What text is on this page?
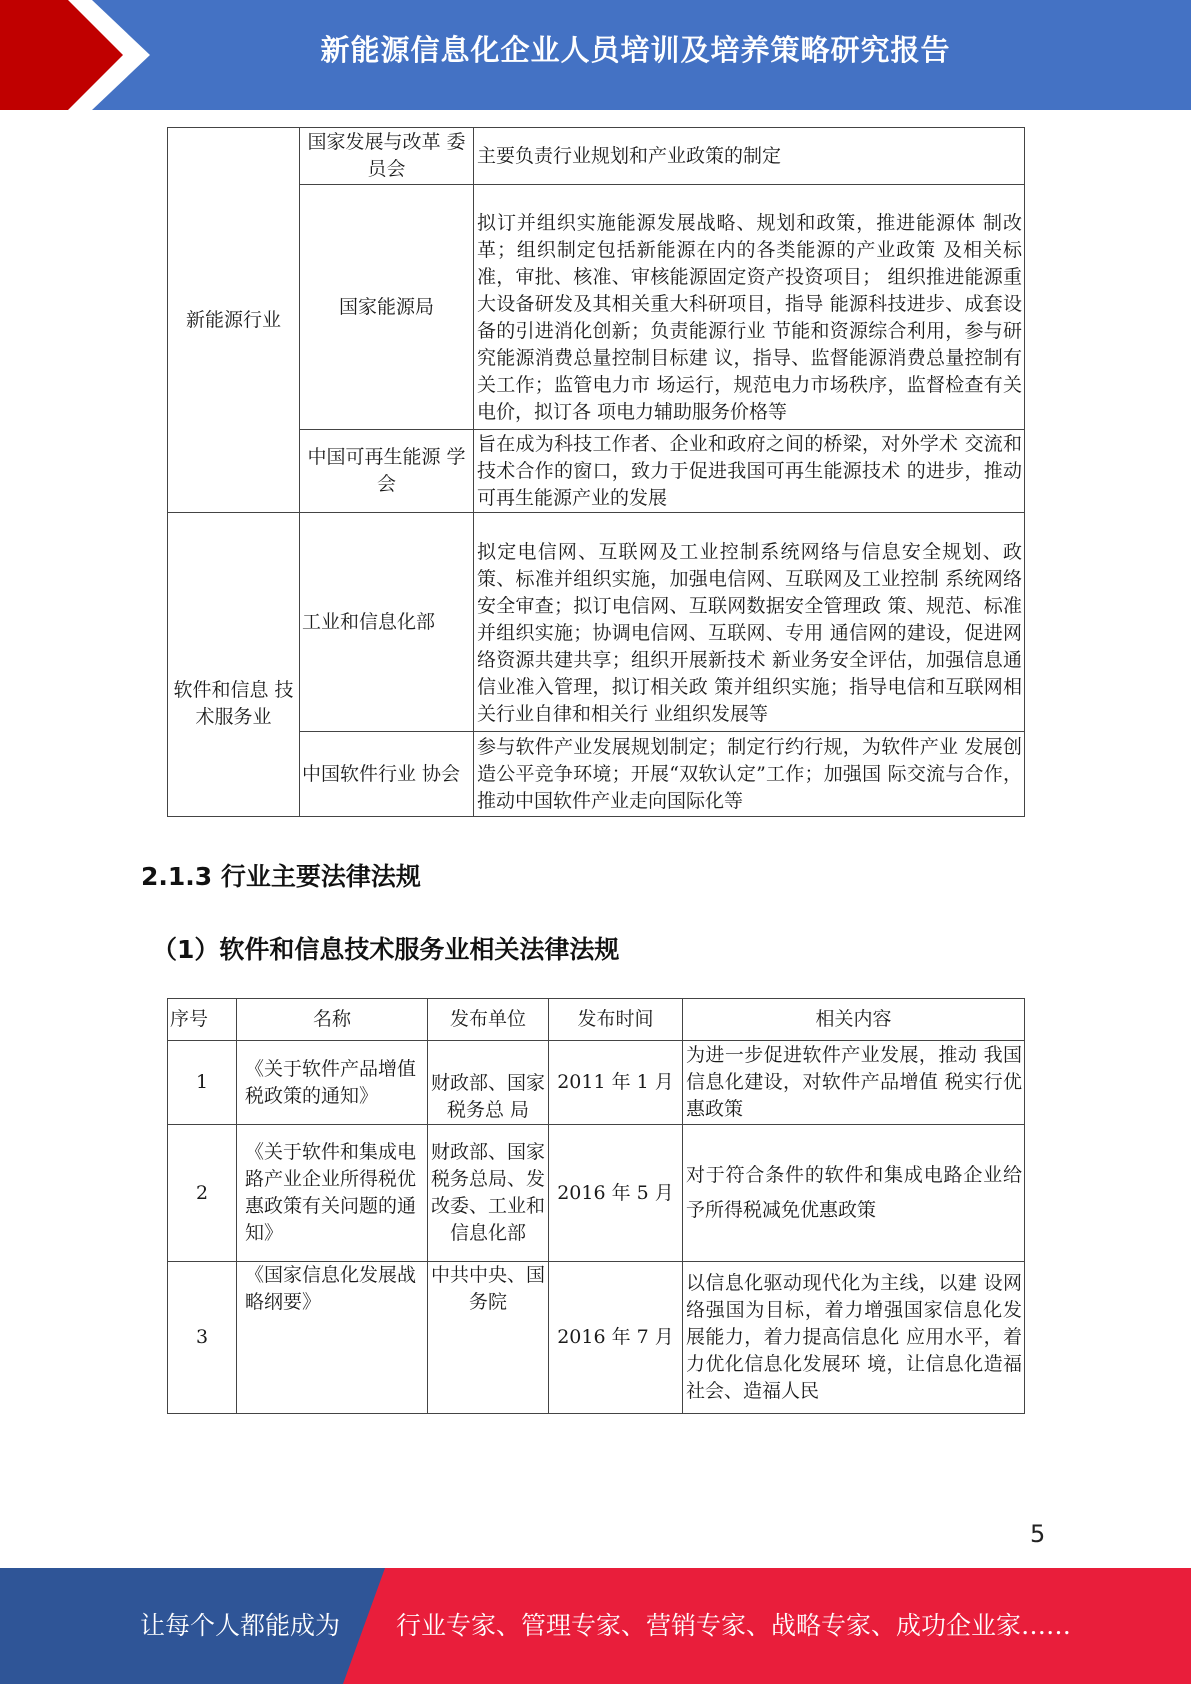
新能源信息化企业人员培训及培养策略研究报告
新能源行业	国家发展与改革 委员会	主要负责行业规划和产业政策的制定
	国家能源局	拟订并组织实施能源发展战略、规划和政策，推进能源体 制改革；组织制定包括新能源在内的各类能源的产业政策 及相关标准，审批、核准、审核能源固定资产投资项目； 组织推进能源重大设备研发及其相关重大科研项目，指导 能源科技进步、成套设备的引进消化创新；负责能源行业 节能和资源综合利用，参与研究能源消费总量控制目标建 议，指导、监督能源消费总量控制有关工作；监管电力市 场运行，规范电力市场秩序，监督检查有关电价，拟订各 项电力辅助服务价格等
	中国可再生能源 学会	旨在成为科技工作者、企业和政府之间的桥梁，对外学术 交流和技术合作的窗口，致力于促进我国可再生能源技术 的进步，推动可再生能源产业的发展
软件和信息 技术服务业	工业和信息化部	拟定电信网、互联网及工业控制系统网络与信息安全规划、政策、标准并组织实施，加强电信网、互联网及工业控制 系统网络安全审查；拟订电信网、互联网数据安全管理政 策、规范、标准并组织实施；协调电信网、互联网、专用 通信网的建设，促进网络资源共建共享；组织开展新技术 新业务安全评估，加强信息通信业准入管理，拟订相关政 策并组织实施；指导电信和互联网相关行业自律和相关行 业组织发展等
	中国软件行业 协会	参与软件产业发展规划制定；制定行约行规，为软件产业 发展创造公平竞争环境；开展“双软认定”工作；加强国 际交流与合作，推动中国软件产业走向国际化等
2.1.3 行业主要法律法规
（1）软件和信息技术服务业相关法律法规
序号	名称	发布单位	发布时间	相关内容
1	《关于软件产品增值税政策的通知》	财政部、国家税务总 局	2011 年 1 月	为进一步促进软件产业发展，推动 我国信息化建设，对软件产品增值 税实行优惠政策
2	《关于软件和集成电路产业企业所得税优惠政策有关问题的通知》	财政部、国家税务总局、发改委、工业和信息化部	2016 年 5 月	对于符合条件的软件和集成电路企业给予所得税减免优惠政策
3	《国家信息化发展战略纲要》	中共中央、国务院	2016 年 7 月	以信息化驱动现代化为主线，以建 设网络强国为目标，着力增强国家信息化发展能力，着力提高信息化 应用水平，着力优化信息化发展环 境，让信息化造福社会、造福人民
5
让每个人都能成为 行业专家、管理专家、营销专家、战略专家、成功企业家……
